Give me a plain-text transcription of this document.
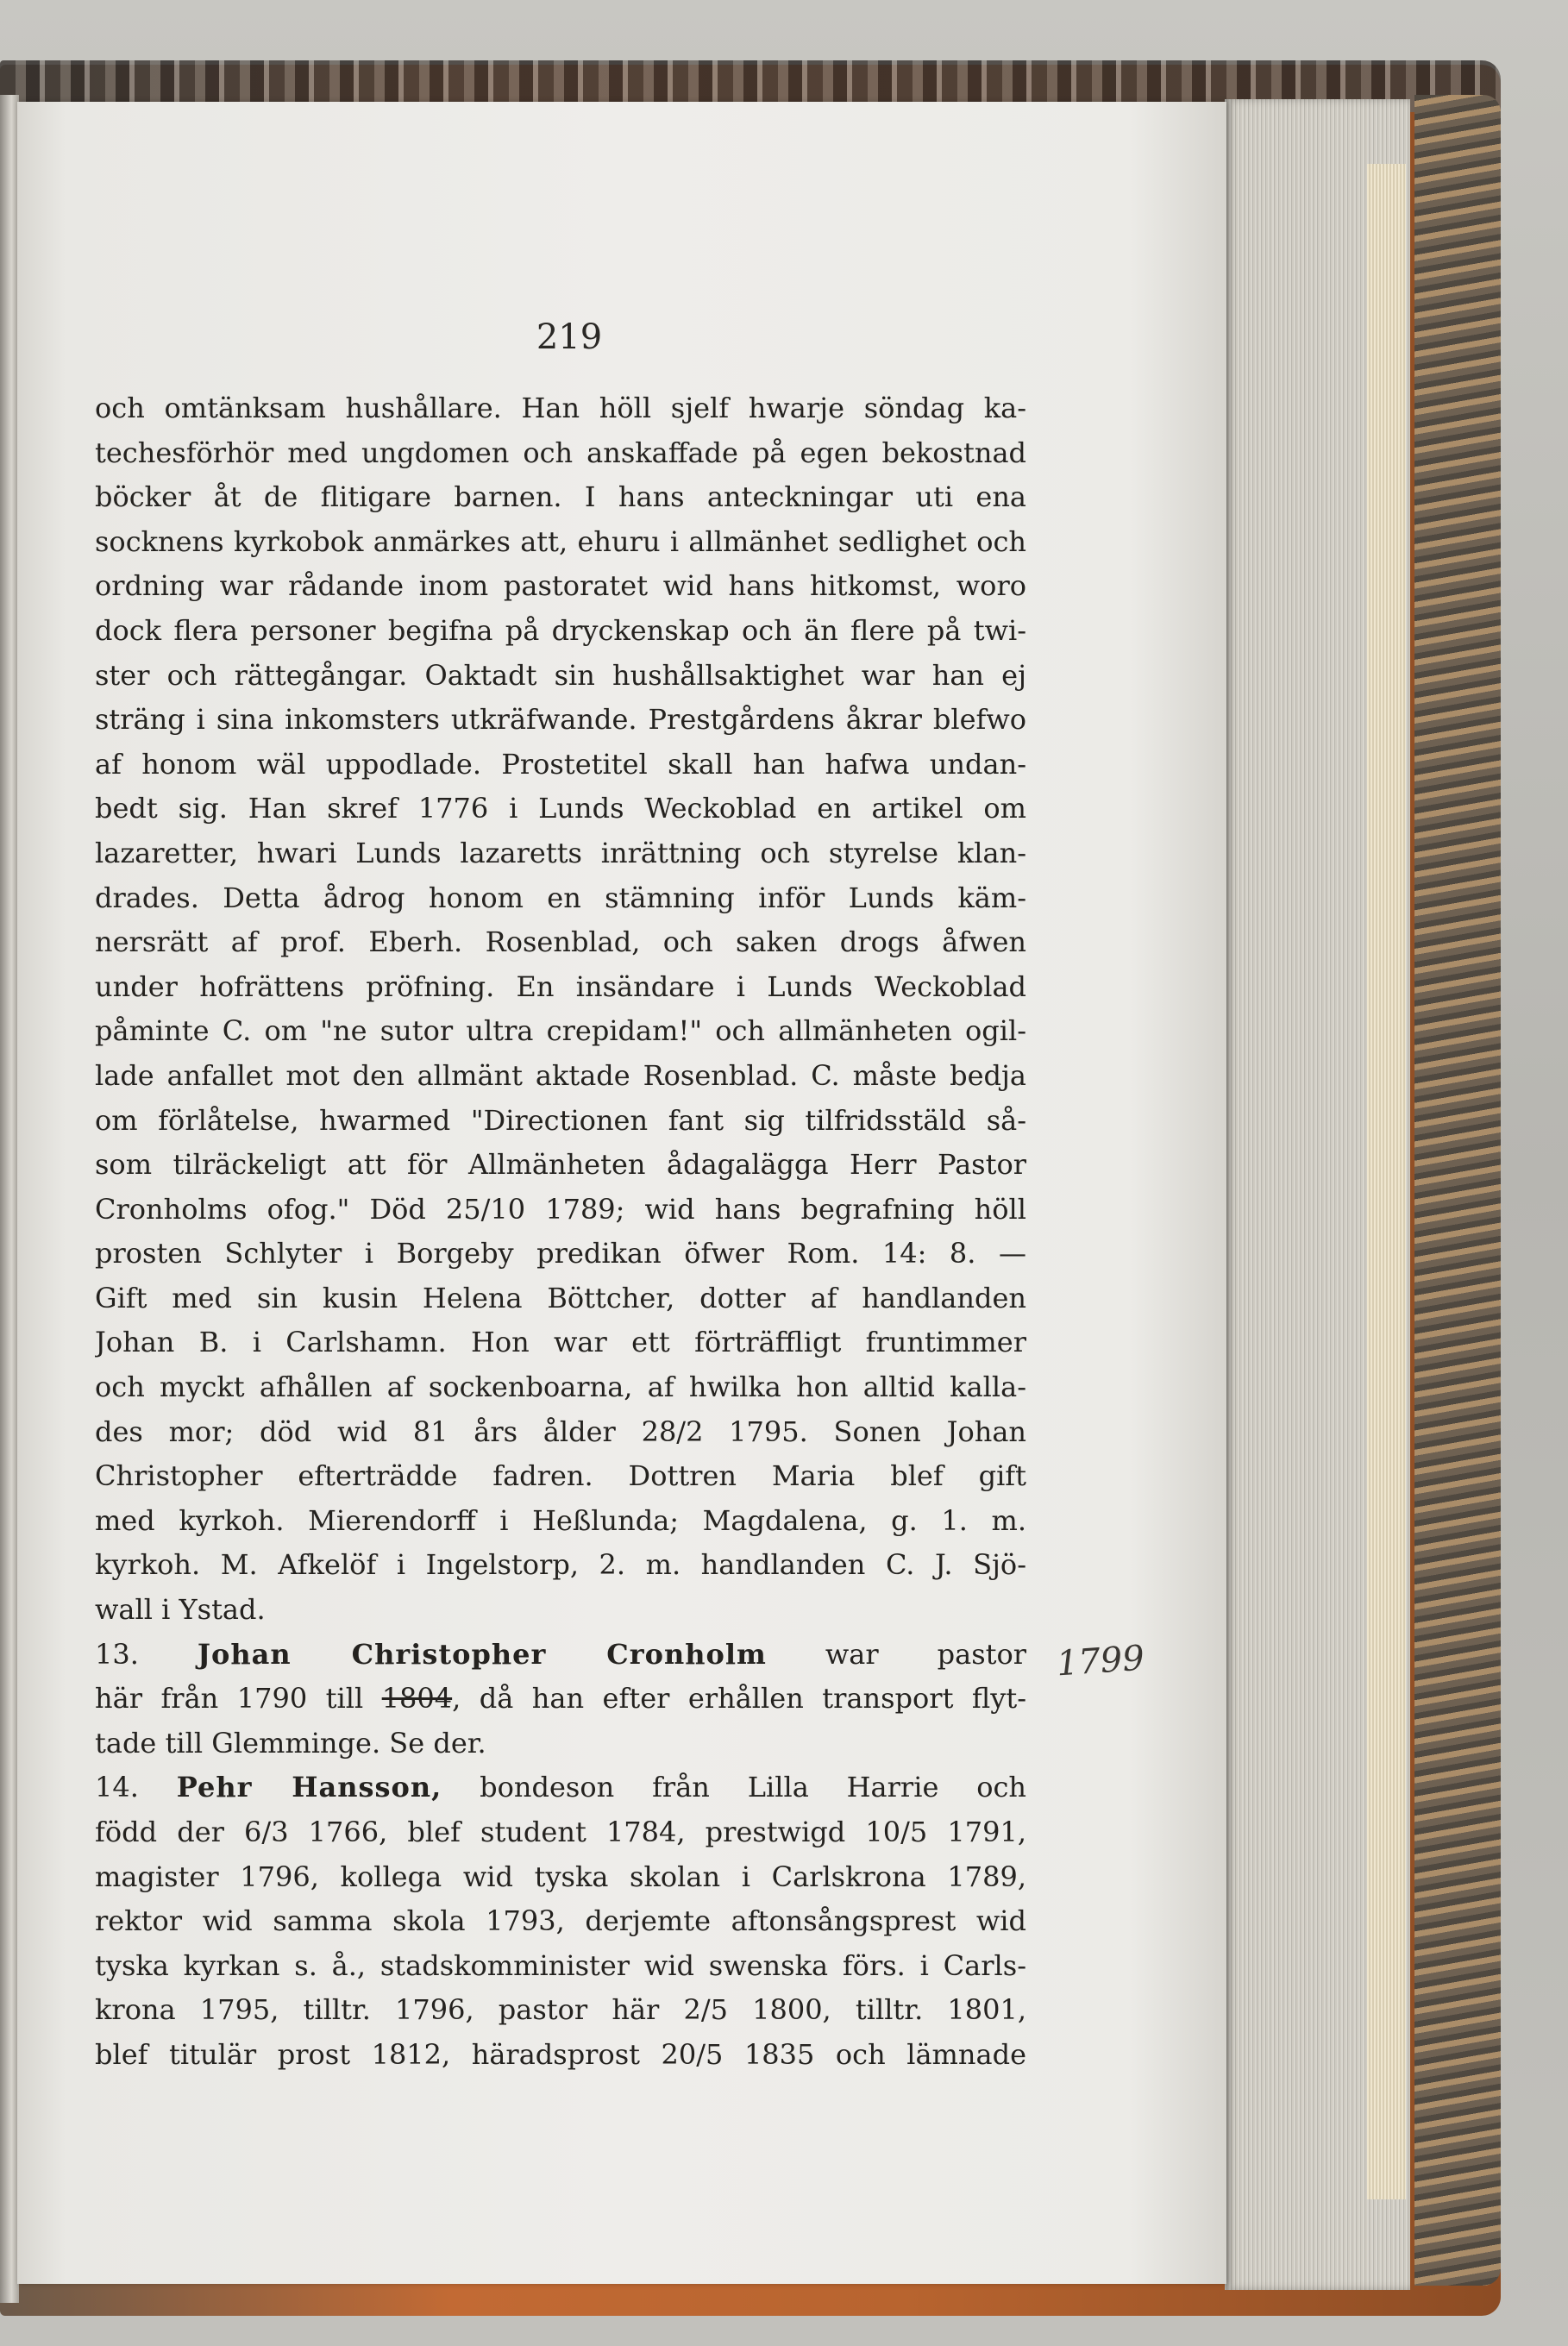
219
och omtänksam hushållare. Han höll sjelf hwarje söndag ka-
techesförhör med ungdomen och anskaffade på egen bekostnad
böcker åt de flitigare barnen. I hans anteckningar uti ena
socknens kyrkobok anmärkes att, ehuru i allmänhet sedlighet och
ordning war rådande inom pastoratet wid hans hitkomst, woro
dock flera personer begifna på dryckenskap och än flere på twi-
ster och rättegångar. Oaktadt sin hushållsaktighet war han ej
sträng i sina inkomsters utkräfwande. Prestgårdens åkrar blefwo
af honom wäl uppodlade. Prostetitel skall han hafwa undan-
bedt sig. Han skref 1776 i Lunds Weckoblad en artikel om
lazaretter, hwari Lunds lazaretts inrättning och styrelse klan-
drades. Detta ådrog honom en stämning inför Lunds käm-
nersrätt af prof. Eberh. Rosenblad, och saken drogs åfwen
under hofrättens pröfning. En insändare i Lunds Weckoblad
påminte C. om "ne sutor ultra crepidam!" och allmänheten ogil-
lade anfallet mot den allmänt aktade Rosenblad. C. måste bedja
om förlåtelse, hwarmed "Directionen fant sig tilfridsstäld så-
som tilräckeligt att för Allmänheten ådagalägga Herr Pastor
Cronholms ofog." Död 25/10 1789; wid hans begrafning höll
prosten Schlyter i Borgeby predikan öfwer Rom. 14: 8. —
Gift med sin kusin Helena Böttcher, dotter af handlanden
Johan B. i Carlshamn. Hon war ett förträffligt fruntimmer
och myckt afhållen af sockenboarna, af hwilka hon alltid kalla-
des mor; död wid 81 års ålder 28/2 1795. Sonen Johan
Christopher efterträdde fadren. Dottren Maria blef gift
med kyrkoh. Mierendorff i Heßlunda; Magdalena, g. 1. m.
kyrkoh. M. Afkelöf i Ingelstorp, 2. m. handlanden C. J. Sjö-
wall i Ystad.
13. Johan Christopher Cronholm war pastor
här från 1790 till 1804, då han efter erhållen transport flyt-
tade till Glemminge. Se der.
14. Pehr Hansson, bondeson från Lilla Harrie och
född der 6/3 1766, blef student 1784, prestwigd 10/5 1791,
magister 1796, kollega wid tyska skolan i Carlskrona 1789,
rektor wid samma skola 1793, derjemte aftonsångsprest wid
tyska kyrkan s. å., stadskomminister wid swenska förs. i Carls-
krona 1795, tilltr. 1796, pastor här 2/5 1800, tilltr. 1801,
blef titulär prost 1812, häradsprost 20/5 1835 och lämnade
1799
